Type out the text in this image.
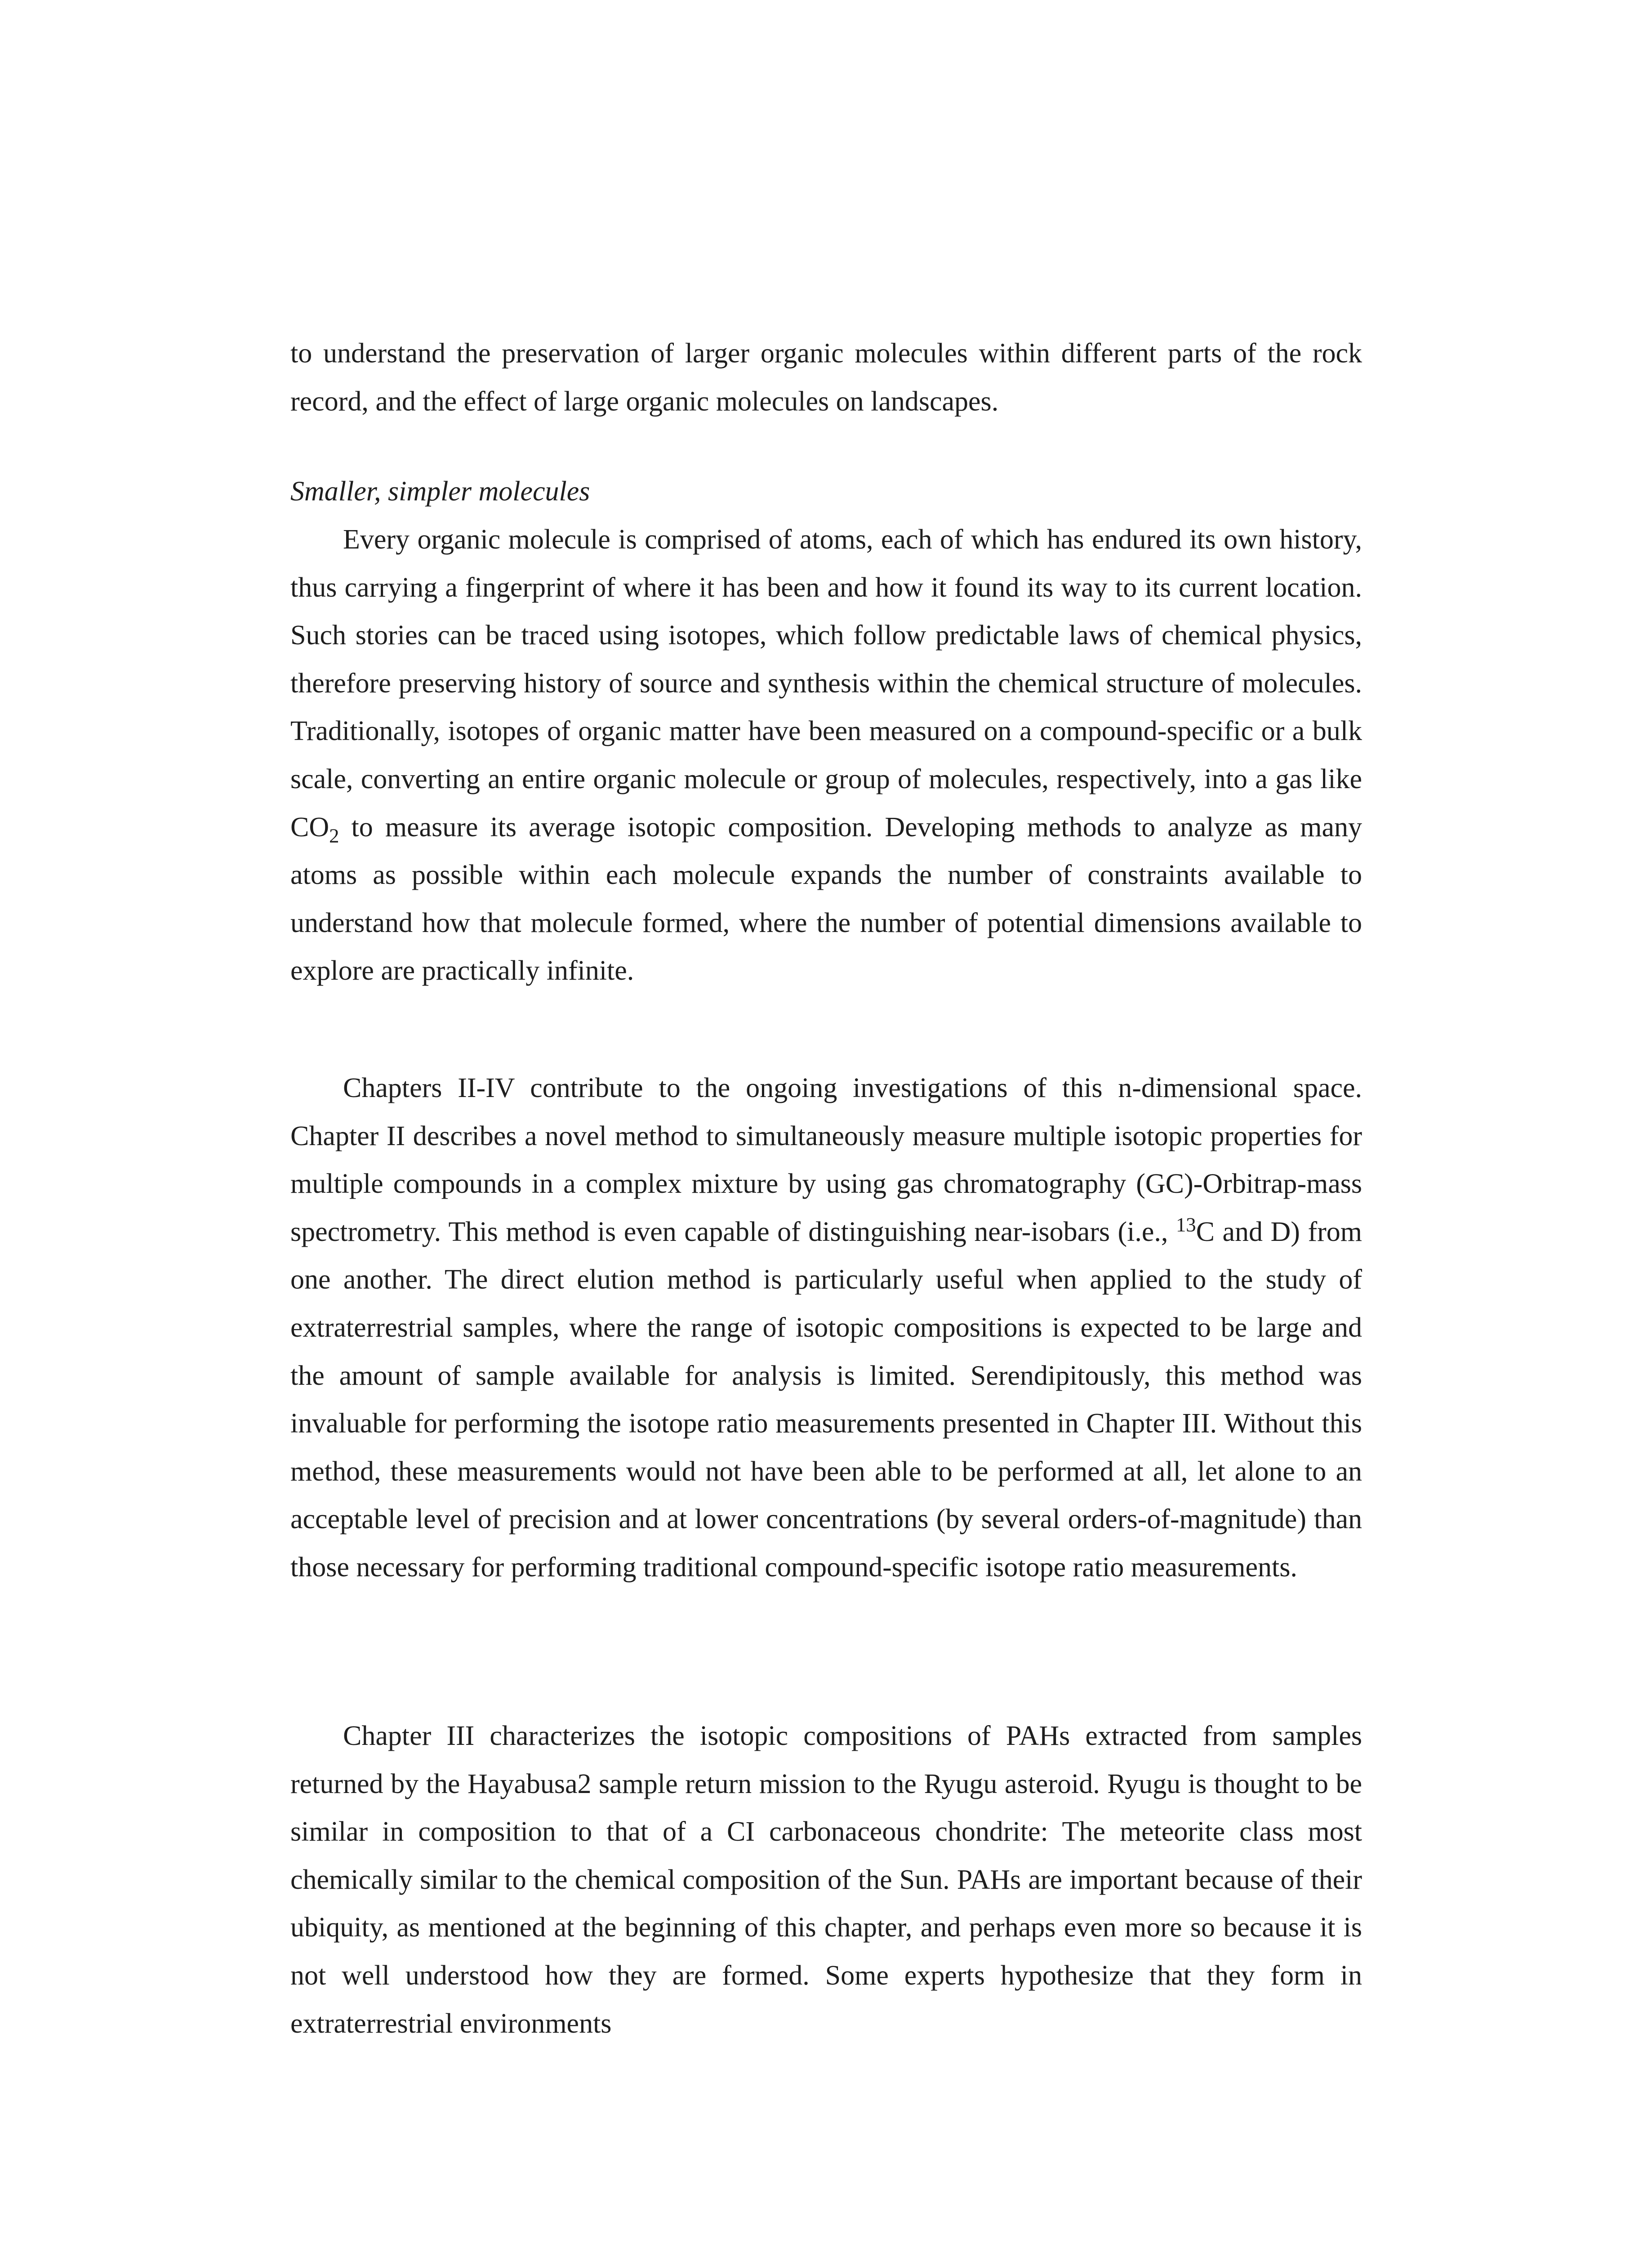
to understand the preservation of larger organic molecules within different parts of the rock record, and the effect of large organic molecules on landscapes.

Smaller, simpler molecules

Every organic molecule is comprised of atoms, each of which has endured its own history, thus carrying a fingerprint of where it has been and how it found its way to its current location. Such stories can be traced using isotopes, which follow predictable laws of chemical physics, therefore preserving history of source and synthesis within the chemical structure of molecules. Traditionally, isotopes of organic matter have been measured on a compound-specific or a bulk scale, converting an entire organic molecule or group of molecules, respectively, into a gas like $CO_2$ to measure its average isotopic composition. Developing methods to analyze as many atoms as possible within each molecule expands the number of constraints available to understand how that molecule formed, where the number of potential dimensions available to explore are practically infinite.

Chapters II-IV contribute to the ongoing investigations of this n-dimensional space. Chapter II describes a novel method to simultaneously measure multiple isotopic properties for multiple compounds in a complex mixture by using gas chromatography (GC)-Orbitrap-mass spectrometry. This method is even capable of distinguishing near-isobars (i.e., $^{13}$C and D) from one another. The direct elution method is particularly useful when applied to the study of extraterrestrial samples, where the range of isotopic compositions is expected to be large and the amount of sample available for analysis is limited. Serendipitously, this method was invaluable for performing the isotope ratio measurements presented in Chapter III. Without this method, these measurements would not have been able to be performed at all, let alone to an acceptable level of precision and at lower concentrations (by several orders-of-magnitude) than those necessary for performing traditional compound-specific isotope ratio measurements.

Chapter III characterizes the isotopic compositions of PAHs extracted from samples returned by the Hayabusa2 sample return mission to the Ryugu asteroid. Ryugu is thought to be similar in composition to that of a CI carbonaceous chondrite: The meteorite class most chemically similar to the chemical composition of the Sun. PAHs are important because of their ubiquity, as mentioned at the beginning of this chapter, and perhaps even more so because it is not well understood how they are formed. Some experts hypothesize that they form in extraterrestrial environments
